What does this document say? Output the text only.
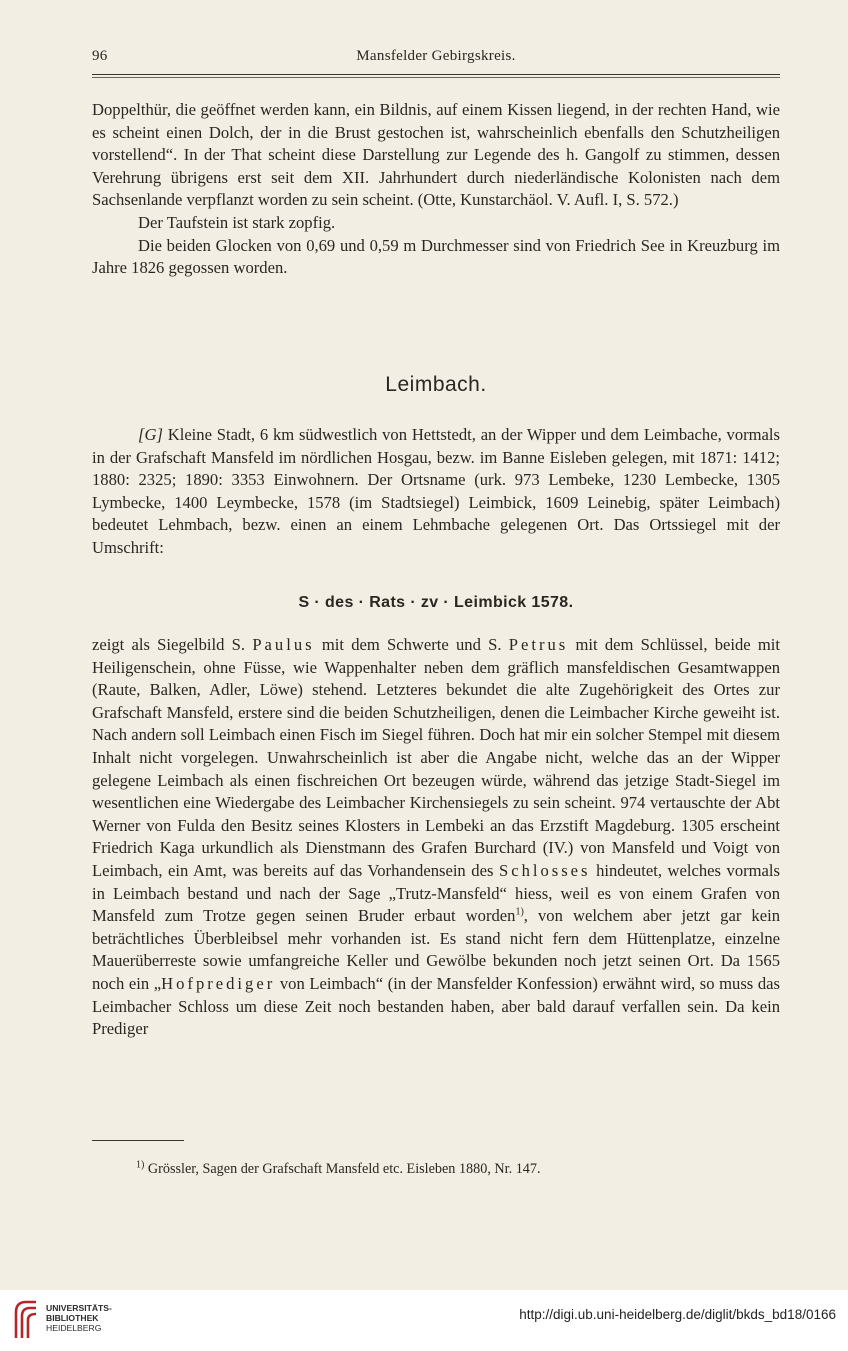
96	Mansfelder Gebirgskreis.

Doppelthür, die geöffnet werden kann, ein Bildnis, auf einem Kissen liegend, in der rechten Hand, wie es scheint einen Dolch, der in die Brust gestochen ist, wahrscheinlich ebenfalls den Schutzheiligen vorstellend“. In der That scheint diese Darstellung zur Legende des h. Gangolf zu stimmen, dessen Verehrung übrigens erst seit dem XII. Jahrhundert durch niederländische Kolonisten nach dem Sachsenlande verpflanzt worden zu sein scheint. (Otte, Kunstarchäol. V. Aufl. I, S. 572.)

Der Taufstein ist stark zopfig.

Die beiden Glocken von 0,69 und 0,59 m Durchmesser sind von Friedrich See in Kreuzburg im Jahre 1826 gegossen worden.

Leimbach.

[G] Kleine Stadt, 6 km südwestlich von Hettstedt, an der Wipper und dem Leimbache, vormals in der Grafschaft Mansfeld im nördlichen Hosgau, bezw. im Banne Eisleben gelegen, mit 1871: 1412; 1880: 2325; 1890: 3353 Einwohnern. Der Ortsname (urk. 973 Lembeke, 1230 Lembecke, 1305 Lymbecke, 1400 Leymbecke, 1578 (im Stadtsiegel) Leimbick, 1609 Leinebig, später Leimbach) bedeutet Lehmbach, bezw. einen an einem Lehmbache gelegenen Ort. Das Ortssiegel mit der Umschrift:

S · des · Rats · zv · Leimbick 1578.

zeigt als Siegelbild S. Paulus mit dem Schwerte und S. Petrus mit dem Schlüssel, beide mit Heiligenschein, ohne Füsse, wie Wappenhalter neben dem gräflich mansfeldischen Gesamtwappen (Raute, Balken, Adler, Löwe) stehend. Letzteres bekundet die alte Zugehörigkeit des Ortes zur Grafschaft Mansfeld, erstere sind die beiden Schutzheiligen, denen die Leimbacher Kirche geweiht ist. Nach andern soll Leimbach einen Fisch im Siegel führen. Doch hat mir ein solcher Stempel mit diesem Inhalt nicht vorgelegen. Unwahrscheinlich ist aber die Angabe nicht, welche das an der Wipper gelegene Leimbach als einen fischreichen Ort bezeugen würde, während das jetzige Stadt-Siegel im wesentlichen eine Wiedergabe des Leimbacher Kirchensiegels zu sein scheint. 974 vertauschte der Abt Werner von Fulda den Besitz seines Klosters in Lembeki an das Erzstift Magdeburg. 1305 erscheint Friedrich Kaga urkundlich als Dienstmann des Grafen Burchard (IV.) von Mansfeld und Voigt von Leimbach, ein Amt, was bereits auf das Vorhandensein des Schlosses hindeutet, welches vormals in Leimbach bestand und nach der Sage „Trutz-Mansfeld“ hiess, weil es von einem Grafen von Mansfeld zum Trotze gegen seinen Bruder erbaut worden$^{1)}$, von welchem aber jetzt gar kein beträchtliches Überbleibsel mehr vorhanden ist. Es stand nicht fern dem Hüttenplatze, einzelne Mauerüberreste sowie umfangreiche Keller und Gewölbe bekunden noch jetzt seinen Ort. Da 1565 noch ein „Hofprediger von Leimbach“ (in der Mansfelder Konfession) erwähnt wird, so muss das Leimbacher Schloss um diese Zeit noch bestanden haben, aber bald darauf verfallen sein. Da kein Prediger

$^{1)}$ Grössler, Sagen der Grafschaft Mansfeld etc. Eisleben 1880, Nr. 147.
UNIVERSITÄTS-
BIBLIOTHEK
HEIDELBERG
http://digi.ub.uni-heidelberg.de/diglit/bkds_bd18/0166
